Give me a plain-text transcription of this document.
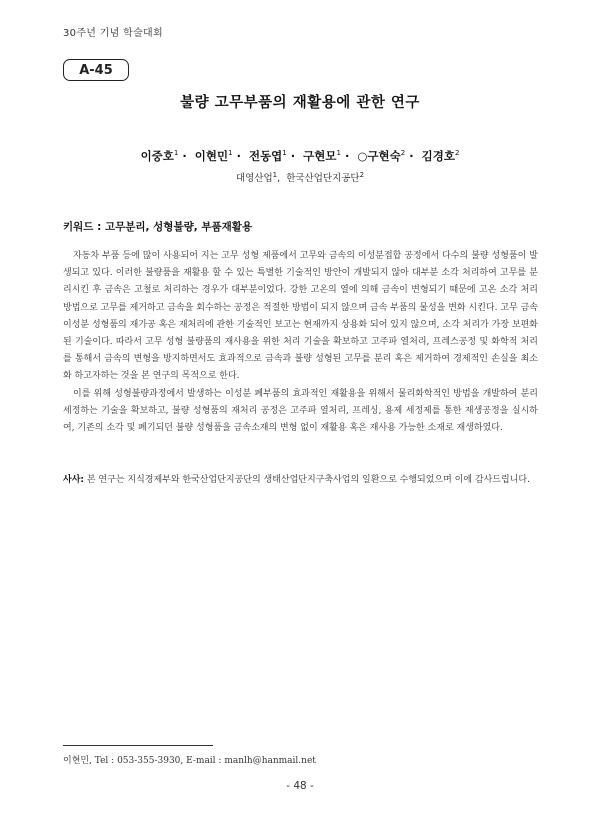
30주년 기념 학술대회
A-45
불량 고무부품의 재활용에 관한 연구
이중호$^1$ ·  이현민$^1$ ·  전동엽$^1$ ·  구현모$^1$ ·  ○구현숙$^2$ ·  김경호$^2$
대영산업$^1$,  한국산업단지공단$^2$
키워드 : 고무분리, 성형불량, 부품재활용

자동차 부품 등에 많이 사용되어 지는 고무 성형 제품에서 고무와 금속의 이성분접합 공정에서 다수의 불량 성형품이 발생되고 있다. 이러한 불량품을 재활용 할 수 있는 특별한 기술적인 방안이 개발되지 않아 대부분 소각 처리하여 고무를 분리시킨 후 금속은 고철로 처리하는 경우가 대부분이었다. 강한 고온의 열에 의해 금속이 변형되기 때문에 고온 소각 처리 방법으로 고무를 제거하고 금속을 회수하는 공정은 적절한 방법이 되지 않으며 금속 부품의 물성을 변화 시킨다. 고무 금속 이성분 성형품의 재가공 혹은 재처리에 관한 기술적인 보고는 현재까지 상용화 되어 있지 않으며, 소각 처리가 가장 보편화된 기술이다. 따라서 고무 성형 불량품의 재사용을 위한 처리 기술을 확보하고 고주파 열처리, 프레스공정 및 화학적 처리를 통해서 금속의 변형을 방지하면서도 효과적으로 금속과 불량 성형된 고무를 분리 혹은 제거하여 경제적인 손실을 최소화 하고자하는 것을 본 연구의 목적으로 한다.

이를 위해 성형불량과정에서 발생하는 이성분 폐부품의 효과적인 재활용을 위해서 물리화학적인 방법을 개발하여 분리 세정하는 기술을 확보하고, 불량 성형품의 재처리 공정은 고주파 열처리, 프레싱, 용제 세정제를 통한 재생공정을 실시하여, 기존의 소각 및 폐기되던 불량 성형품을 금속소재의 변형 없이 재활용 혹은 재사용 가능한 소재로 재생하였다.

사사: 본 연구는 지식경제부와 한국산업단지공단의 생태산업단지구축사업의 일환으로 수행되었으며 이에 감사드립니다.
이현민, Tel : 053-355-3930, E-mail : manlh@hanmail.net
- 48 -
